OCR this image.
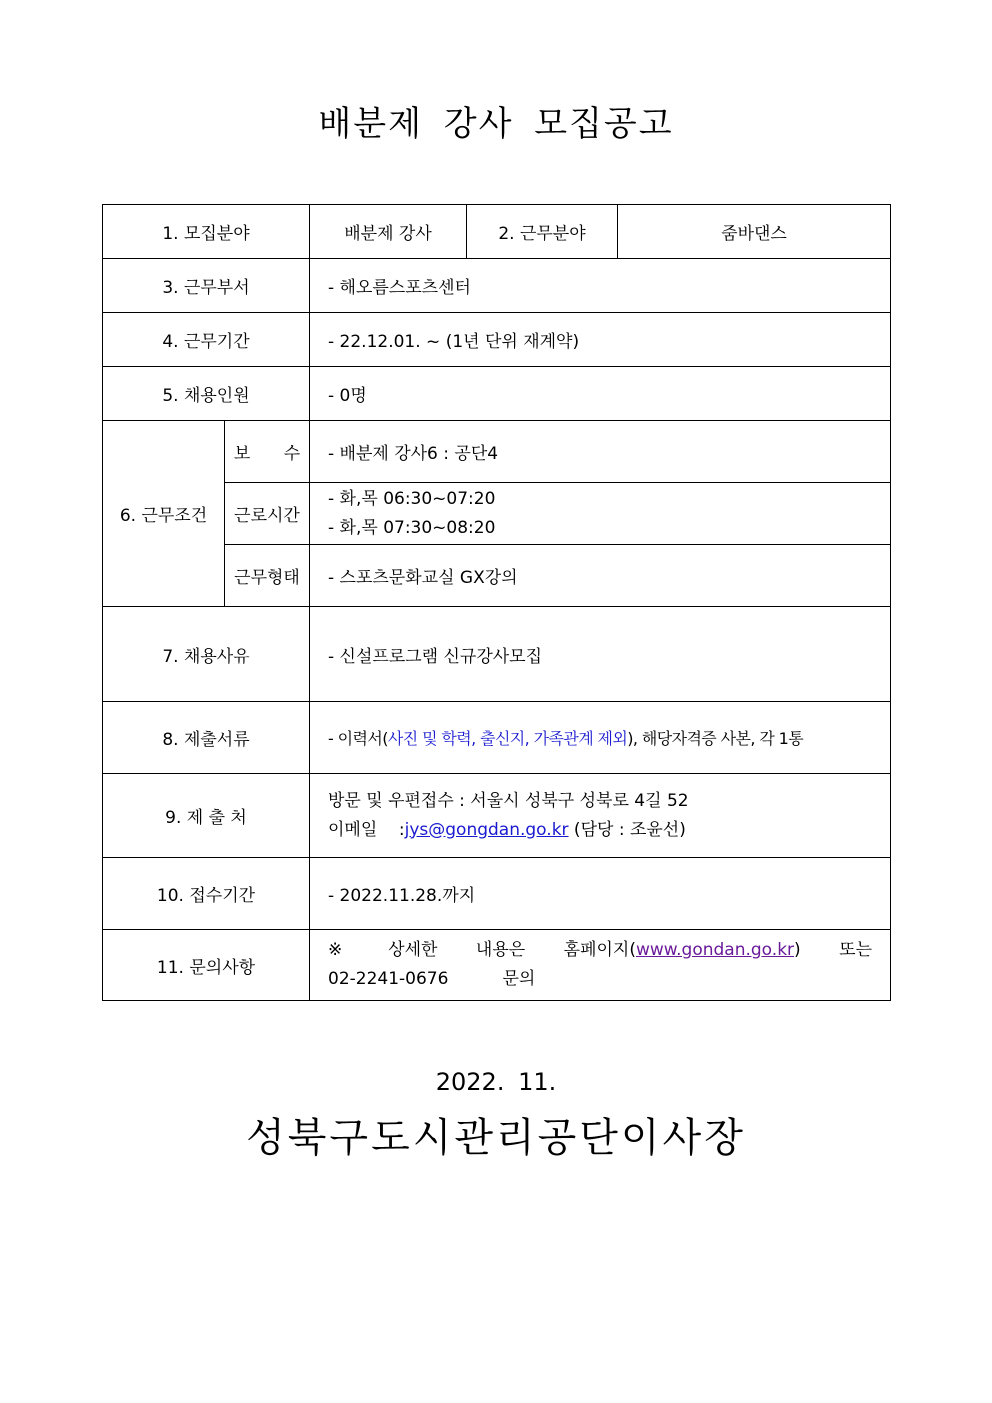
배분제 강사 모집공고
1. 모집분야		배분제 강사	2. 근무분야	줌바댄스
3. 근무부서		- 해오름스포츠센터		
4. 근무기간		- 22.12.01. ~ (1년 단위 재계약)		
5. 채용인원		- 0명		
6. 근무조건	보 수	- 배분제 강사6 : 공단4		
	근로시간	- 화,목 06:30~07:20
- 화,목 07:30~08:20		

	근무형태	- 스포츠문화교실 GX강의		
7. 채용사유		- 신설프로그램 신규강사모집		
8. 제출서류		- 이력서(사진 및 학력, 출신지, 가족관계 제외), 해당자격증 사본, 각 1통		
9. 제 출 처		방문 및 우편접수 : 서울시 성북구 성북로 4길 52
이메일    :jys@gongdan.go.kr (담당 : 조윤선)		

10. 접수기간		- 2022.11.28.까지		
11. 문의사항		※   상세한   내용은   홈페이지(www.gondan.go.kr)   또는
02-2241-0676          문의		
2022. 11.
성북구도시관리공단이사장
